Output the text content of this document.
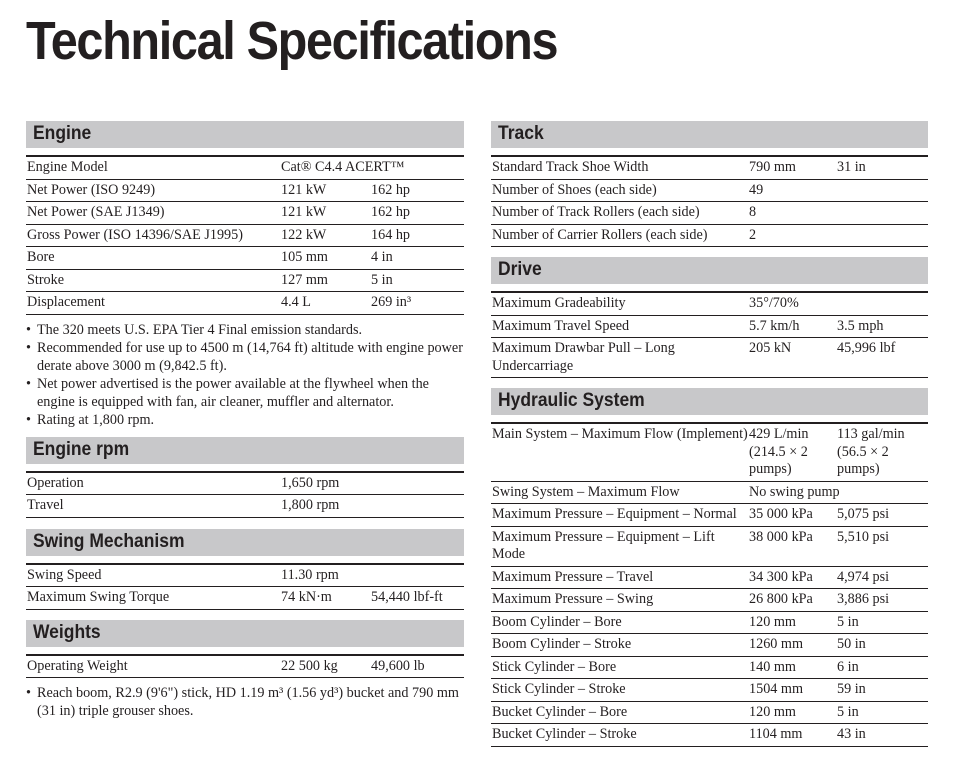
Technical Specifications
Engine
Engine Model	Cat® C4.4 ACERT™	
Net Power (ISO 9249)	121 kW	162 hp
Net Power (SAE J1349)	121 kW	162 hp
Gross Power (ISO 14396/SAE J1995)	122 kW	164 hp
Bore	105 mm	4 in
Stroke	127 mm	5 in
Displacement	4.4 L	269 in³
• The 320 meets U.S. EPA Tier 4 Final emission standards.
• Recommended for use up to 4500 m (14,764 ft) altitude with engine power derate above 3000 m (9,842.5 ft).
• Net power advertised is the power available at the flywheel when the engine is equipped with fan, air cleaner, muffler and alternator.
• Rating at 1,800 rpm.
Engine rpm
Operation	1,650 rpm	
Travel	1,800 rpm	
Swing Mechanism
Swing Speed	11.30 rpm	
Maximum Swing Torque	74 kN·m	54,440 lbf-ft
Weights
Operating Weight	22 500 kg	49,600 lb
• Reach boom, R2.9 (9'6") stick, HD 1.19 m³ (1.56 yd³) bucket and 790 mm (31 in) triple grouser shoes.
Track
Standard Track Shoe Width	790 mm	31 in
Number of Shoes (each side)	49	
Number of Track Rollers (each side)	8	
Number of Carrier Rollers (each side)	2	
Drive
Maximum Gradeability	35°/70%	
Maximum Travel Speed	5.7 km/h	3.5 mph
Maximum Drawbar Pull – Long Undercarriage	205 kN	45,996 lbf
Hydraulic System
Main System – Maximum Flow (Implement)	429 L/min (214.5 × 2 pumps)	113 gal/min (56.5 × 2 pumps)
Swing System – Maximum Flow	No swing pump	
Maximum Pressure – Equipment – Normal	35 000 kPa	5,075 psi
Maximum Pressure – Equipment – Lift Mode	38 000 kPa	5,510 psi
Maximum Pressure – Travel	34 300 kPa	4,974 psi
Maximum Pressure – Swing	26 800 kPa	3,886 psi
Boom Cylinder – Bore	120 mm	5 in
Boom Cylinder – Stroke	1260 mm	50 in
Stick Cylinder – Bore	140 mm	6 in
Stick Cylinder – Stroke	1504 mm	59 in
Bucket Cylinder – Bore	120 mm	5 in
Bucket Cylinder – Stroke	1104 mm	43 in
